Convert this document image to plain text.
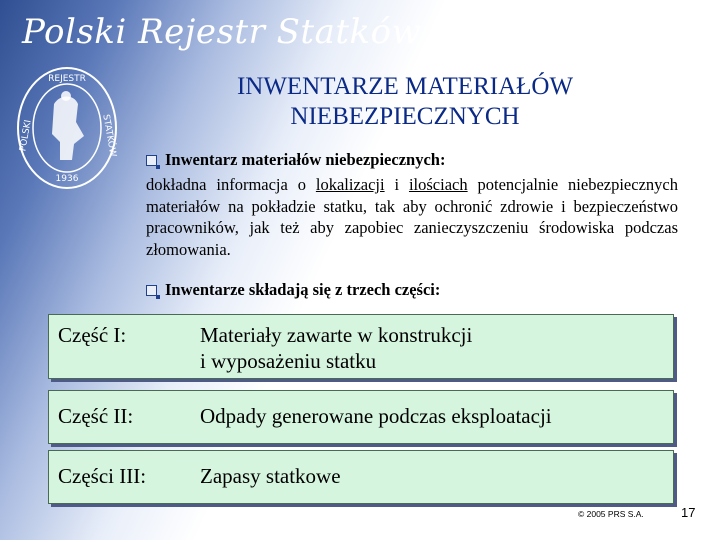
Polski Rejestr Statków
REJESTR
POLSKI	STATKÓW
1936
INWENTARZE MATERIAŁÓW NIEBEZPIECZNYCH
Inwentarz materiałów niebezpiecznych:
dokładna informacja o lokalizacji i ilościach potencjalnie niebezpiecznych materiałów na pokładzie statku, tak aby ochronić zdrowie i bezpieczeństwo pracowników, jak też aby zapobiec zanieczyszczeniu środowiska podczas złomowania.
Inwentarze składają się z trzech części:
Część I:	Materiały zawarte w konstrukcji
i wyposażeniu statku
Część II:	Odpady generowane podczas eksploatacji
Części III:	Zapasy statkowe
© 2005 PRS S.A.	17
